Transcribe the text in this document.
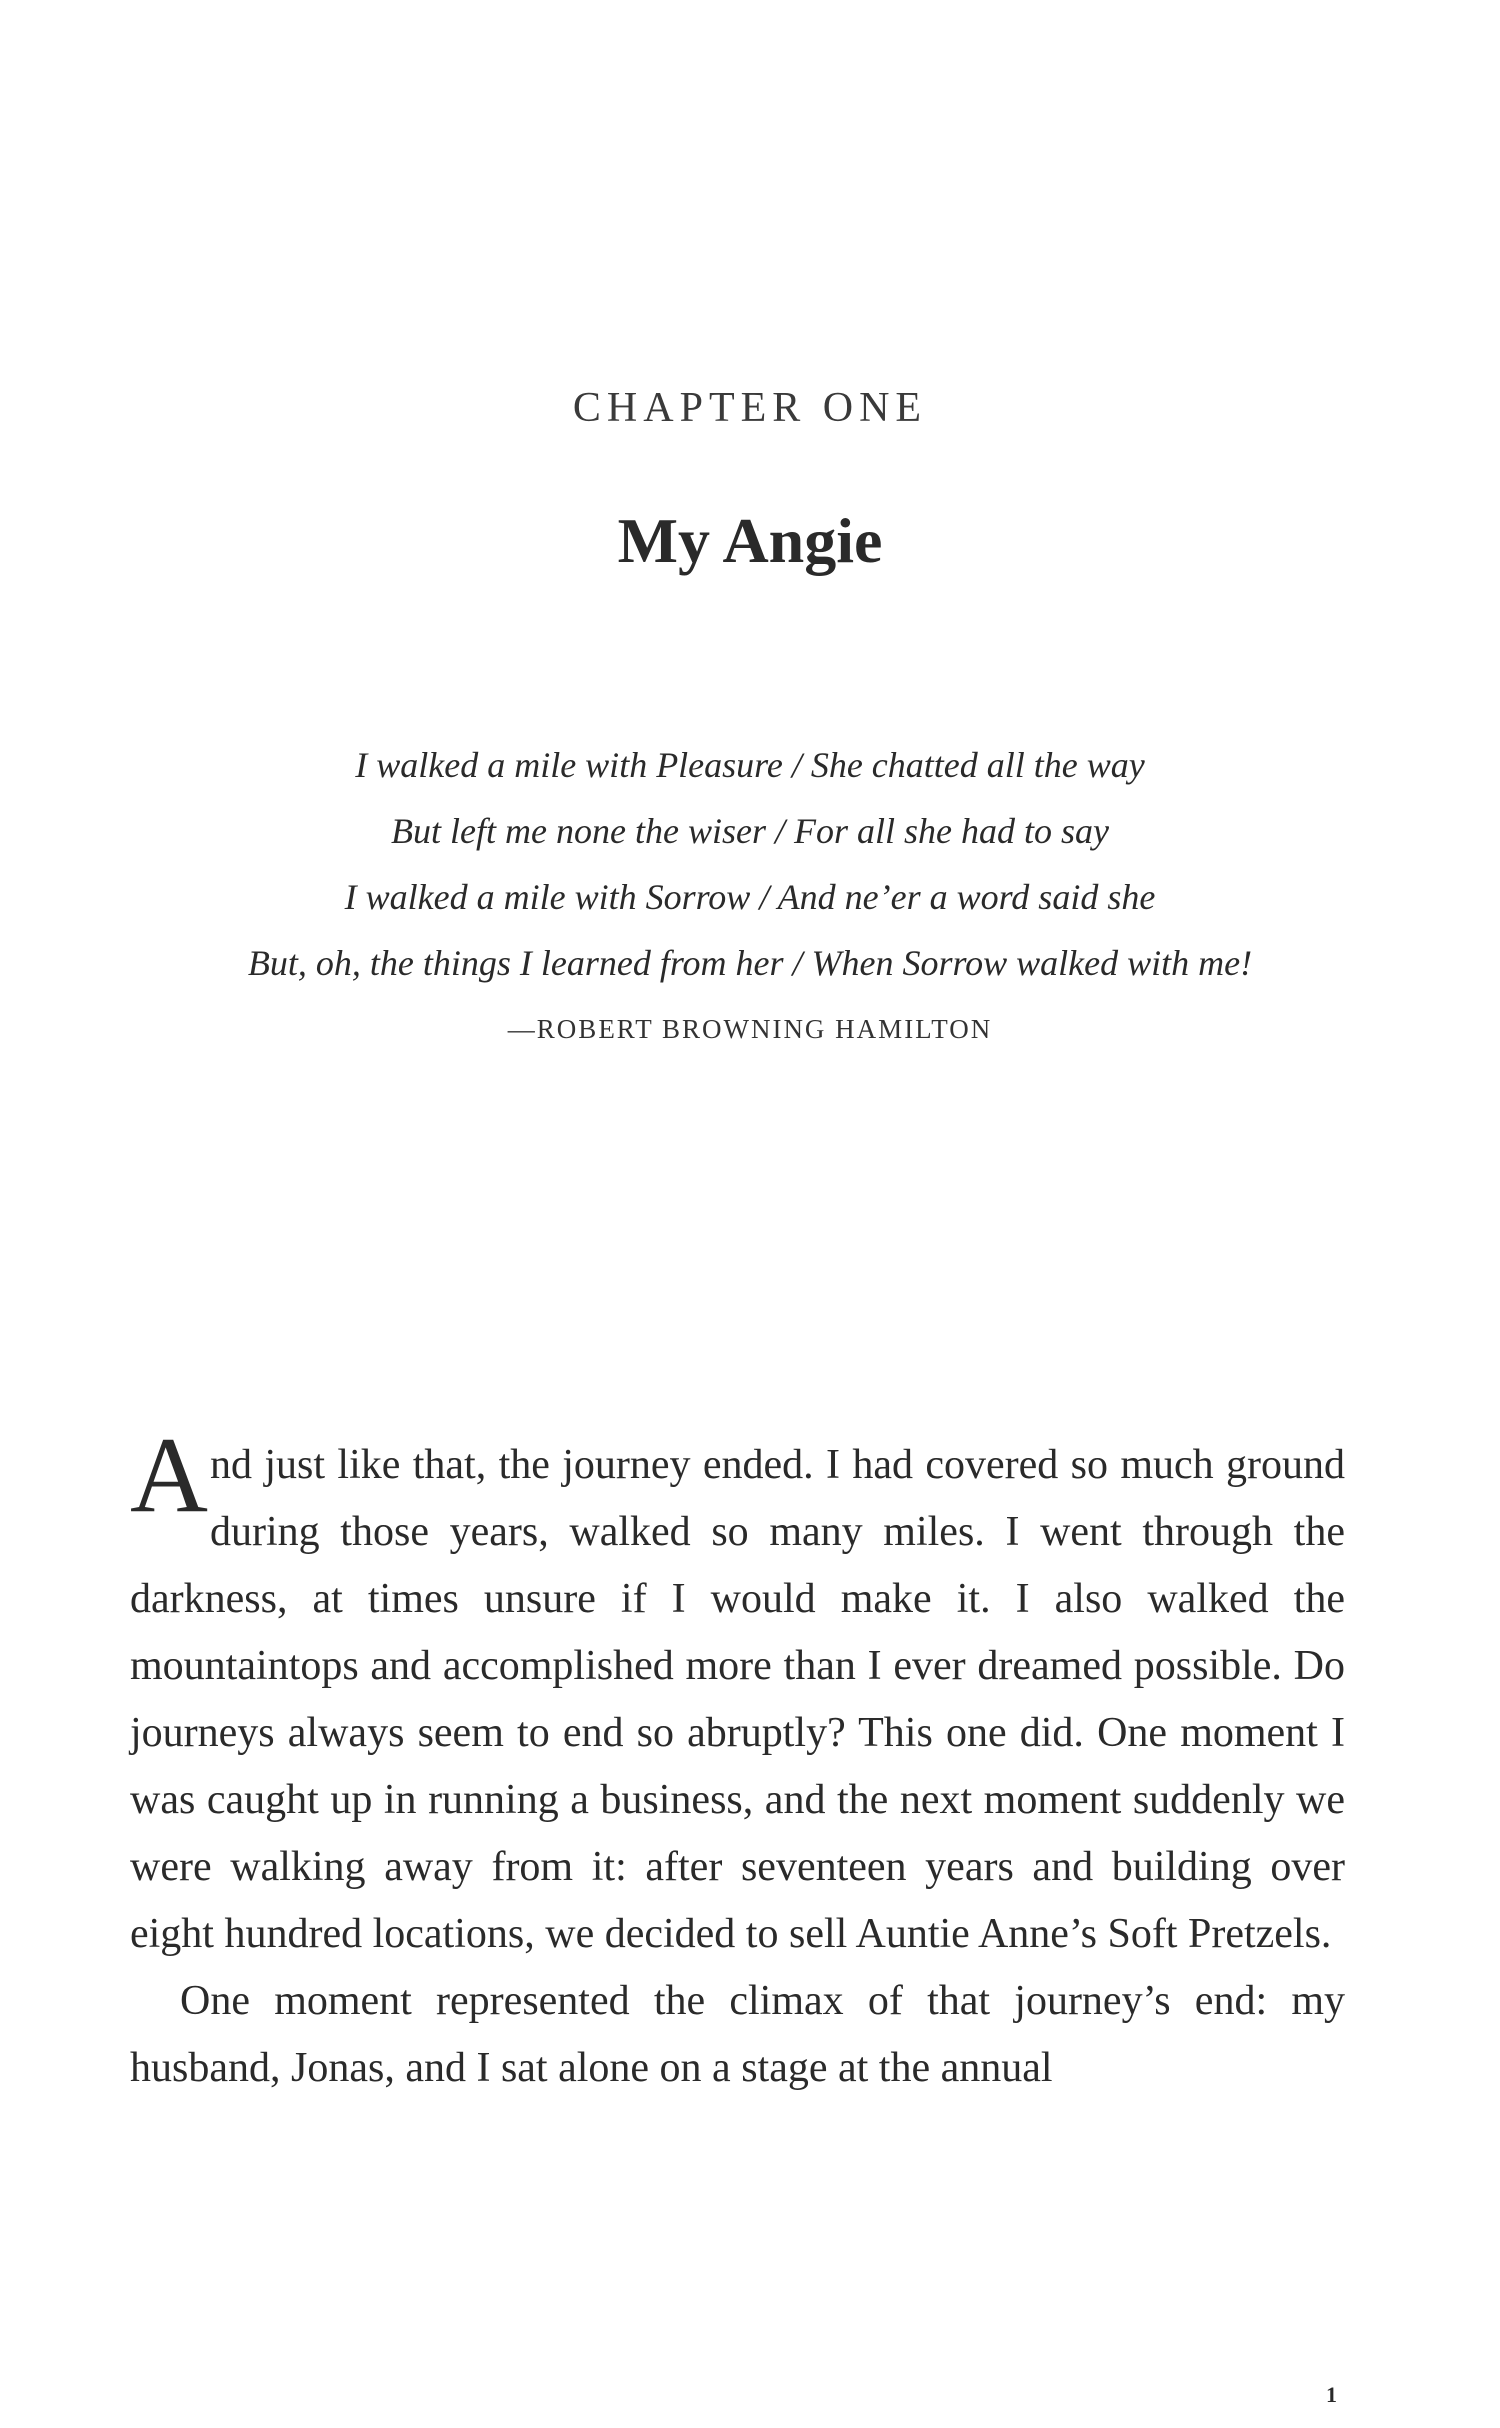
CHAPTER ONE
My Angie
I walked a mile with Pleasure / She chatted all the way
But left me none the wiser / For all she had to say
I walked a mile with Sorrow / And ne’er a word said she
But, oh, the things I learned from her / When Sorrow walked with me!
—ROBERT BROWNING HAMILTON

And just like that, the journey ended. I had covered so much ground during those years, walked so many miles. I went through the darkness, at times unsure if I would make it. I also walked the mountaintops and accomplished more than I ever dreamed possible. Do journeys always seem to end so abruptly? This one did. One moment I was caught up in running a business, and the next moment suddenly we were walking away from it: after seventeen years and building over eight hundred locations, we decided to sell Auntie Anne’s Soft Pretzels.

One moment represented the climax of that journey’s end: my husband, Jonas, and I sat alone on a stage at the annual

1
